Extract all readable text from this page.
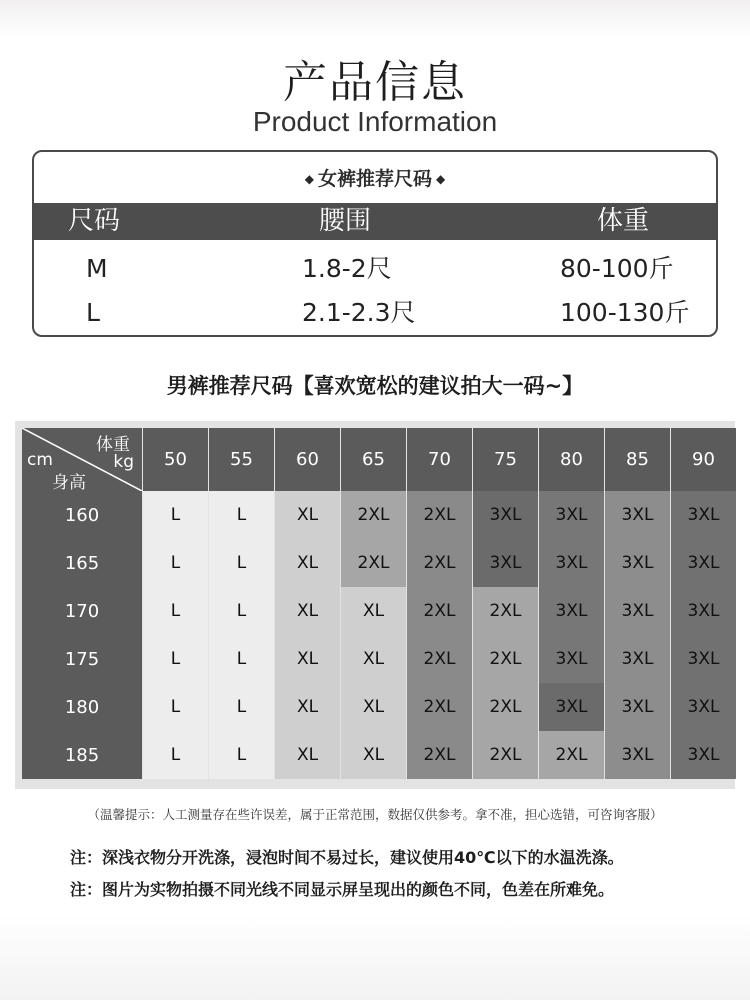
产品信息
Product Information
◆ 女裤推荐尺码 ◆
尺码	腰围	体重
M	1.8-2尺	80-100斤
L	2.1-2.3尺	100-130斤
男裤推荐尺码【喜欢宽松的建议拍大一码~】
体重
kg
cm
身高
50	55	60	65	70	75	80	85	90
160	L	L	XL	2XL	2XL	3XL	3XL	3XL	3XL
165	L	L	XL	2XL	2XL	3XL	3XL	3XL	3XL
170	L	L	XL	XL	2XL	2XL	3XL	3XL	3XL
175	L	L	XL	XL	2XL	2XL	3XL	3XL	3XL
180	L	L	XL	XL	2XL	2XL	3XL	3XL	3XL
185	L	L	XL	XL	2XL	2XL	2XL	3XL	3XL
（温馨提示：人工测量存在些许误差，属于正常范围，数据仅供参考。拿不准，担心选错，可咨询客服）
注：深浅衣物分开洗涤，浸泡时间不易过长，建议使用40℃以下的水温洗涤。
注：图片为实物拍摄不同光线不同显示屏呈现出的颜色不同，色差在所难免。
